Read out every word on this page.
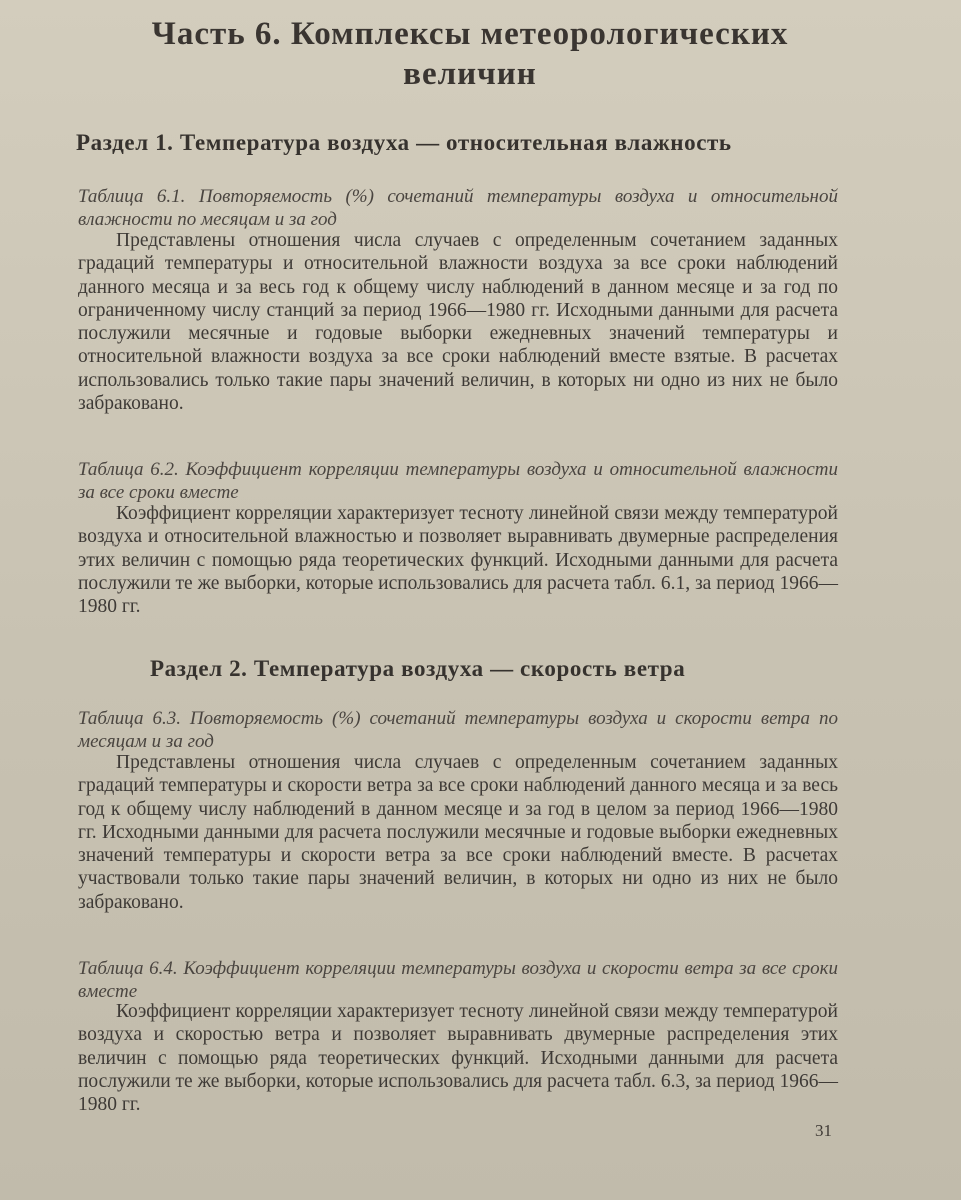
Часть 6. Комплексы метеорологических
величин
Раздел 1. Температура воздуха — относительная влажность
Таблица 6.1. Повторяемость (%) сочетаний температуры воздуха и относительной влажности по месяцам и за год
Представлены отношения числа случаев с определенным сочетанием заданных градаций температуры и относительной влажности воздуха за все сроки наблюдений данного месяца и за весь год к общему числу наблюдений в данном месяце и за год по ограниченному числу станций за период 1966—1980 гг. Исходными данными для расчета послужили месячные и годовые выборки ежедневных значений температуры и относительной влажности воздуха за все сроки наблюдений вместе взятые. В расчетах использовались только такие пары значений величин, в которых ни одно из них не было забраковано.
Таблица 6.2. Коэффициент корреляции температуры воздуха и относительной влажности за все сроки вместе
Коэффициент корреляции характеризует тесноту линейной связи между температурой воздуха и относительной влажностью и позволяет выравнивать двумерные распределения этих величин с помощью ряда теоретических функций. Исходными данными для расчета послужили те же выборки, которые использовались для расчета табл. 6.1, за период 1966—1980 гг.
Раздел 2. Температура воздуха — скорость ветра
Таблица 6.3. Повторяемость (%) сочетаний температуры воздуха и скорости ветра по месяцам и за год
Представлены отношения числа случаев с определенным сочетанием заданных градаций температуры и скорости ветра за все сроки наблюдений данного месяца и за весь год к общему числу наблюдений в данном месяце и за год в целом за период 1966—1980 гг. Исходными данными для расчета послужили месячные и годовые выборки ежедневных значений температуры и скорости ветра за все сроки наблюдений вместе. В расчетах участвовали только такие пары значений величин, в которых ни одно из них не было забраковано.
Таблица 6.4. Коэффициент корреляции температуры воздуха и скорости ветра за все сроки вместе
Коэффициент корреляции характеризует тесноту линейной связи между температурой воздуха и скоростью ветра и позволяет выравнивать двумерные распределения этих величин с помощью ряда теоретических функций. Исходными данными для расчета послужили те же выборки, которые использовались для расчета табл. 6.3, за период 1966—1980 гг.
31
